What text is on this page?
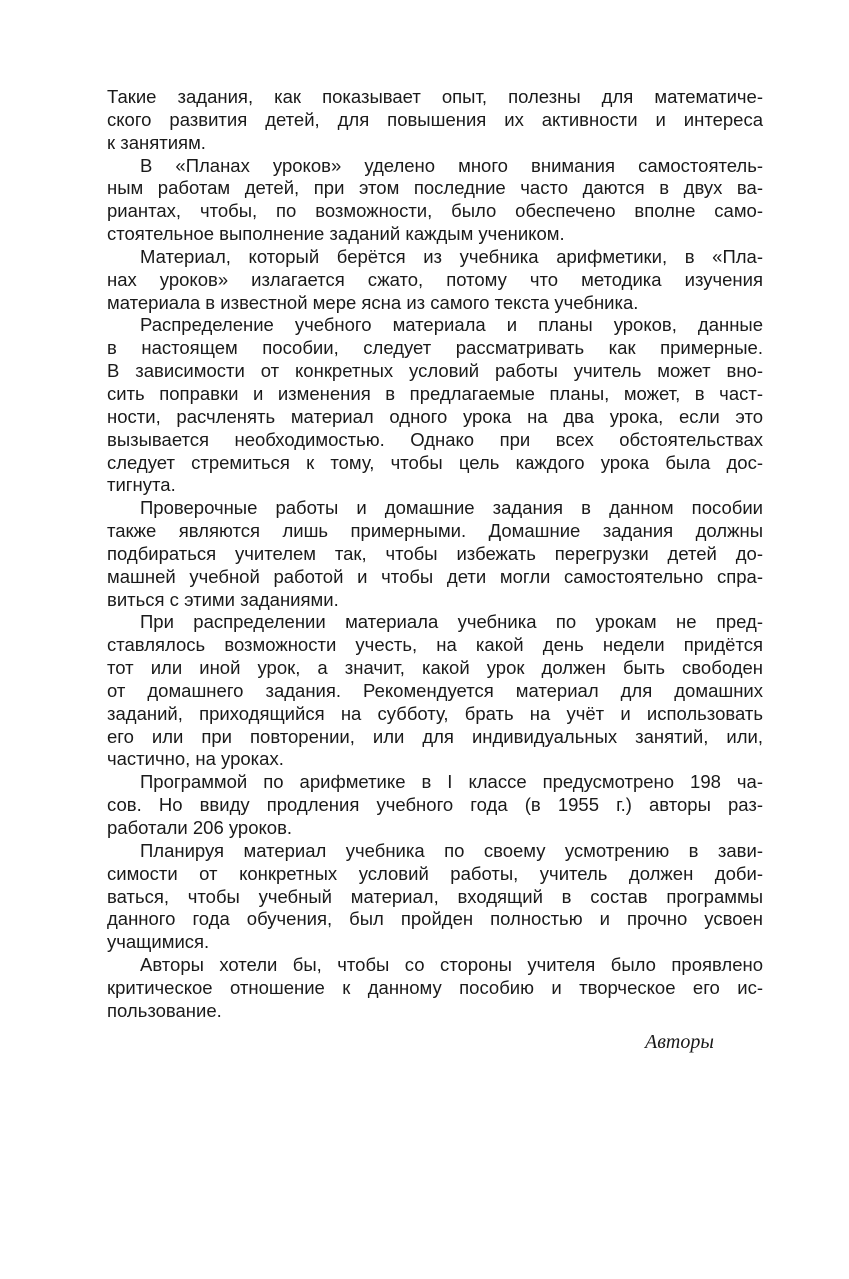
Такие задания, как показывает опыт, полезны для математиче-
ского развития детей, для повышения их активности и интереса
к занятиям.
В «Планах уроков» уделено много внимания самостоятель-
ным работам детей, при этом последние часто даются в двух ва-
риантах, чтобы, по возможности, было обеспечено вполне само-
стоятельное выполнение заданий каждым учеником.
Материал, который берётся из учебника арифметики, в «Пла-
нах уроков» излагается сжато, потому что методика изучения
материала в известной мере ясна из самого текста учебника.
Распределение учебного материала и планы уроков, данные
в настоящем пособии, следует рассматривать как примерные.
В зависимости от конкретных условий работы учитель может вно-
сить поправки и изменения в предлагаемые планы, может, в част-
ности, расчленять материал одного урока на два урока, если это
вызывается необходимостью. Однако при всех обстоятельствах
следует стремиться к тому, чтобы цель каждого урока была дос-
тигнута.
Проверочные работы и домашние задания в данном пособии
также являются лишь примерными. Домашние задания должны
подбираться учителем так, чтобы избежать перегрузки детей до-
машней учебной работой и чтобы дети могли самостоятельно спра-
виться с этими заданиями.
При распределении материала учебника по урокам не пред-
ставлялось возможности учесть, на какой день недели придётся
тот или иной урок, а значит, какой урок должен быть свободен
от домашнего задания. Рекомендуется материал для домашних
заданий, приходящийся на субботу, брать на учёт и использовать
его или при повторении, или для индивидуальных занятий, или,
частично, на уроках.
Программой по арифметике в I классе предусмотрено 198 ча-
сов. Но ввиду продления учебного года (в 1955 г.) авторы раз-
работали 206 уроков.
Планируя материал учебника по своему усмотрению в зави-
симости от конкретных условий работы, учитель должен доби-
ваться, чтобы учебный материал, входящий в состав программы
данного года обучения, был пройден полностью и прочно усвоен
учащимися.
Авторы хотели бы, чтобы со стороны учителя было проявлено
критическое отношение к данному пособию и творческое его ис-
пользование.
Авторы
